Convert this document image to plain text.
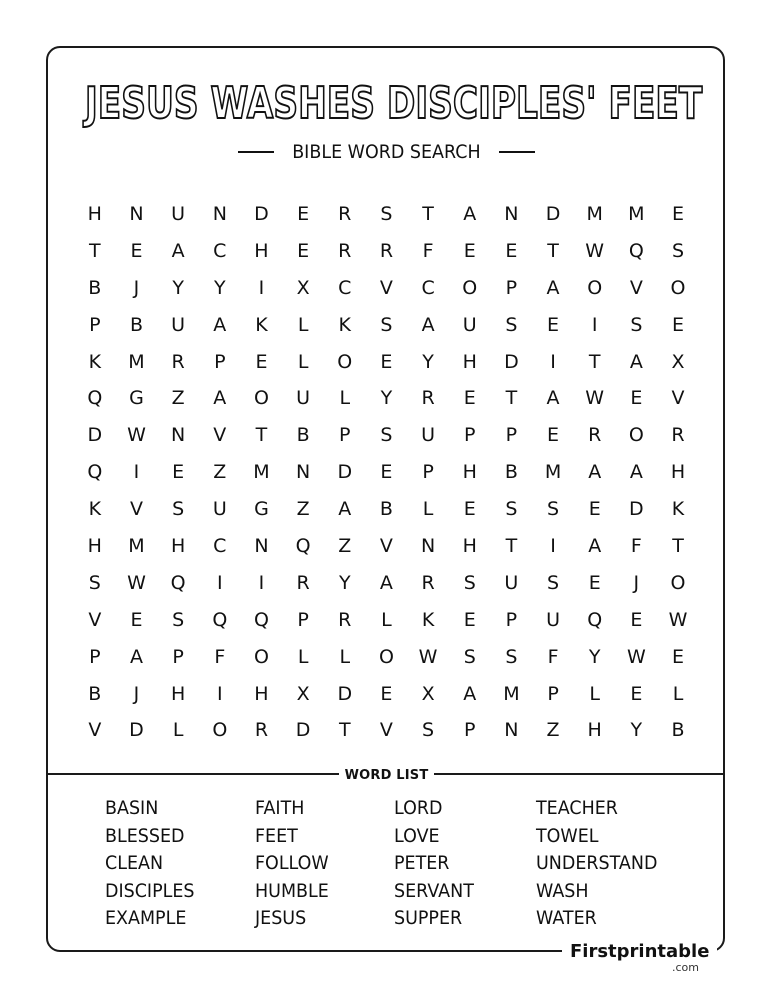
JESUS WASHES DISCIPLES' FEET
BIBLE WORD SEARCH
H	N	U	N	D	E	R	S	T	A	N	D	M	M	E
T	E	A	C	H	E	R	R	F	E	E	T	W	Q	S
B	J	Y	Y	I	X	C	V	C	O	P	A	O	V	O
P	B	U	A	K	L	K	S	A	U	S	E	I	S	E
K	M	R	P	E	L	O	E	Y	H	D	I	T	A	X
Q	G	Z	A	O	U	L	Y	R	E	T	A	W	E	V
D	W	N	V	T	B	P	S	U	P	P	E	R	O	R
Q	I	E	Z	M	N	D	E	P	H	B	M	A	A	H
K	V	S	U	G	Z	A	B	L	E	S	S	E	D	K
H	M	H	C	N	Q	Z	V	N	H	T	I	A	F	T
S	W	Q	I	I	R	Y	A	R	S	U	S	E	J	O
V	E	S	Q	Q	P	R	L	K	E	P	U	Q	E	W
P	A	P	F	O	L	L	O	W	S	S	F	Y	W	E
B	J	H	I	H	X	D	E	X	A	M	P	L	E	L
V	D	L	O	R	D	T	V	S	P	N	Z	H	Y	B
WORD LIST
BASIN
BLESSED
CLEAN
DISCIPLES
EXAMPLE
FAITH
FEET
FOLLOW
HUMBLE
JESUS
LORD
LOVE
PETER
SERVANT
SUPPER
TEACHER
TOWEL
UNDERSTAND
WASH
WATER
Firstprintable
.com
